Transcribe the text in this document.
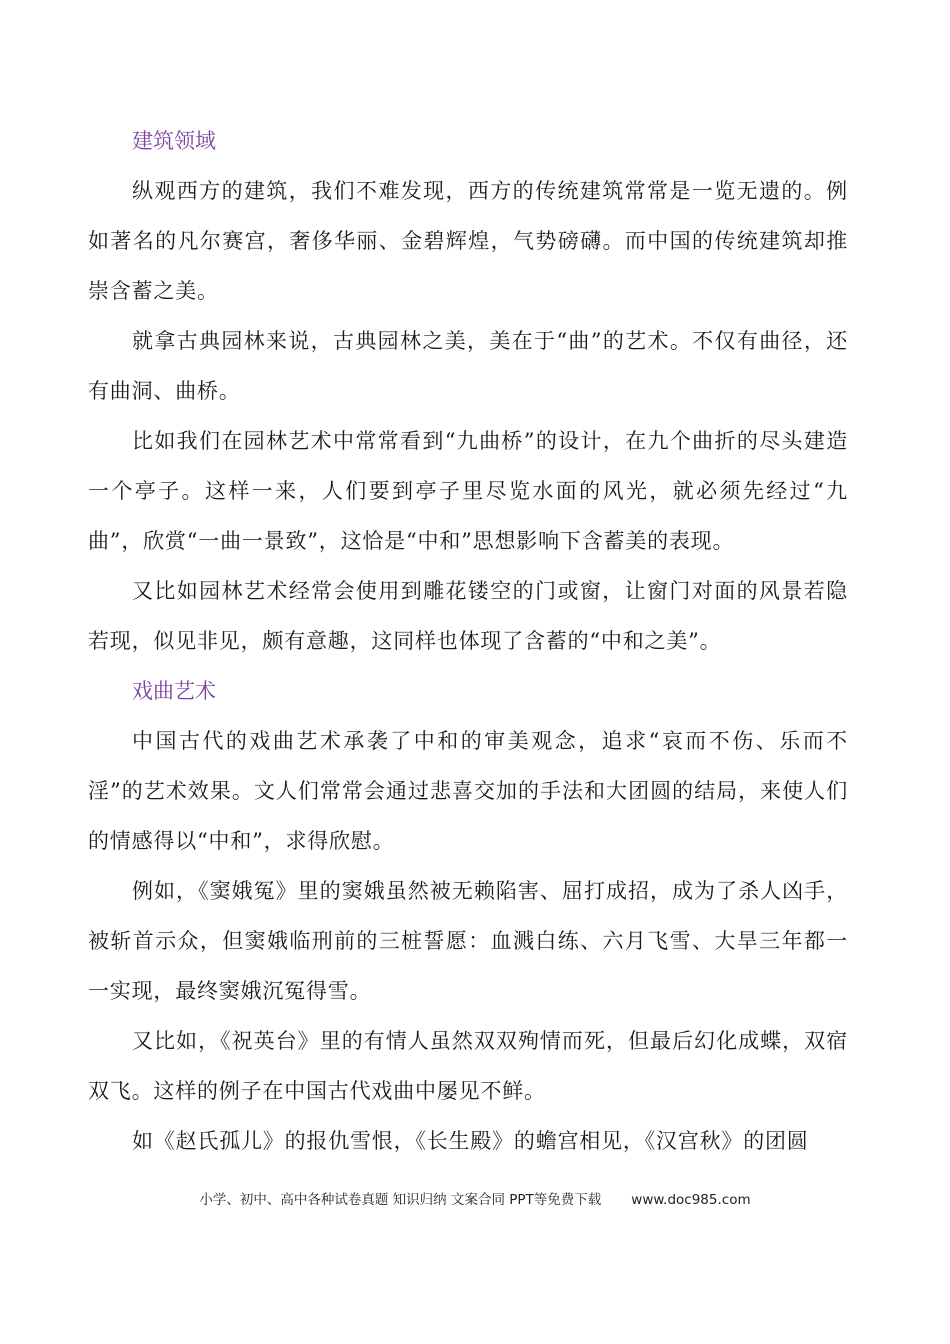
建筑领域

纵观西方的建筑，我们不难发现，西方的传统建筑常常是一览无遗的。例如著名的凡尔赛宫，奢侈华丽、金碧辉煌，气势磅礴。而中国的传统建筑却推崇含蓄之美。

就拿古典园林来说，古典园林之美，美在于“曲”的艺术。不仅有曲径，还有曲洞、曲桥。

比如我们在园林艺术中常常看到“九曲桥”的设计，在九个曲折的尽头建造一个亭子。这样一来，人们要到亭子里尽览水面的风光，就必须先经过“九曲”，欣赏“一曲一景致”，这恰是“中和”思想影响下含蓄美的表现。

又比如园林艺术经常会使用到雕花镂空的门或窗，让窗门对面的风景若隐若现，似见非见，颇有意趣，这同样也体现了含蓄的“中和之美”。

戏曲艺术

中国古代的戏曲艺术承袭了中和的审美观念，追求“哀而不伤、乐而不淫”的艺术效果。文人们常常会通过悲喜交加的手法和大团圆的结局，来使人们的情感得以“中和”，求得欣慰。

例如，《窦娥冤》里的窦娥虽然被无赖陷害、屈打成招，成为了杀人凶手，被斩首示众，但窦娥临刑前的三桩誓愿：血溅白练、六月飞雪、大旱三年都一一实现，最终窦娥沉冤得雪。

又比如，《祝英台》里的有情人虽然双双殉情而死，但最后幻化成蝶，双宿双飞。这样的例子在中国古代戏曲中屡见不鲜。

如《赵氏孤儿》的报仇雪恨，《长生殿》的蟾宫相见，《汉宫秋》的团圆

小学、初中、高中各种试卷真题 知识归纳 文案合同 PPT等免费下载 www.doc985.com
